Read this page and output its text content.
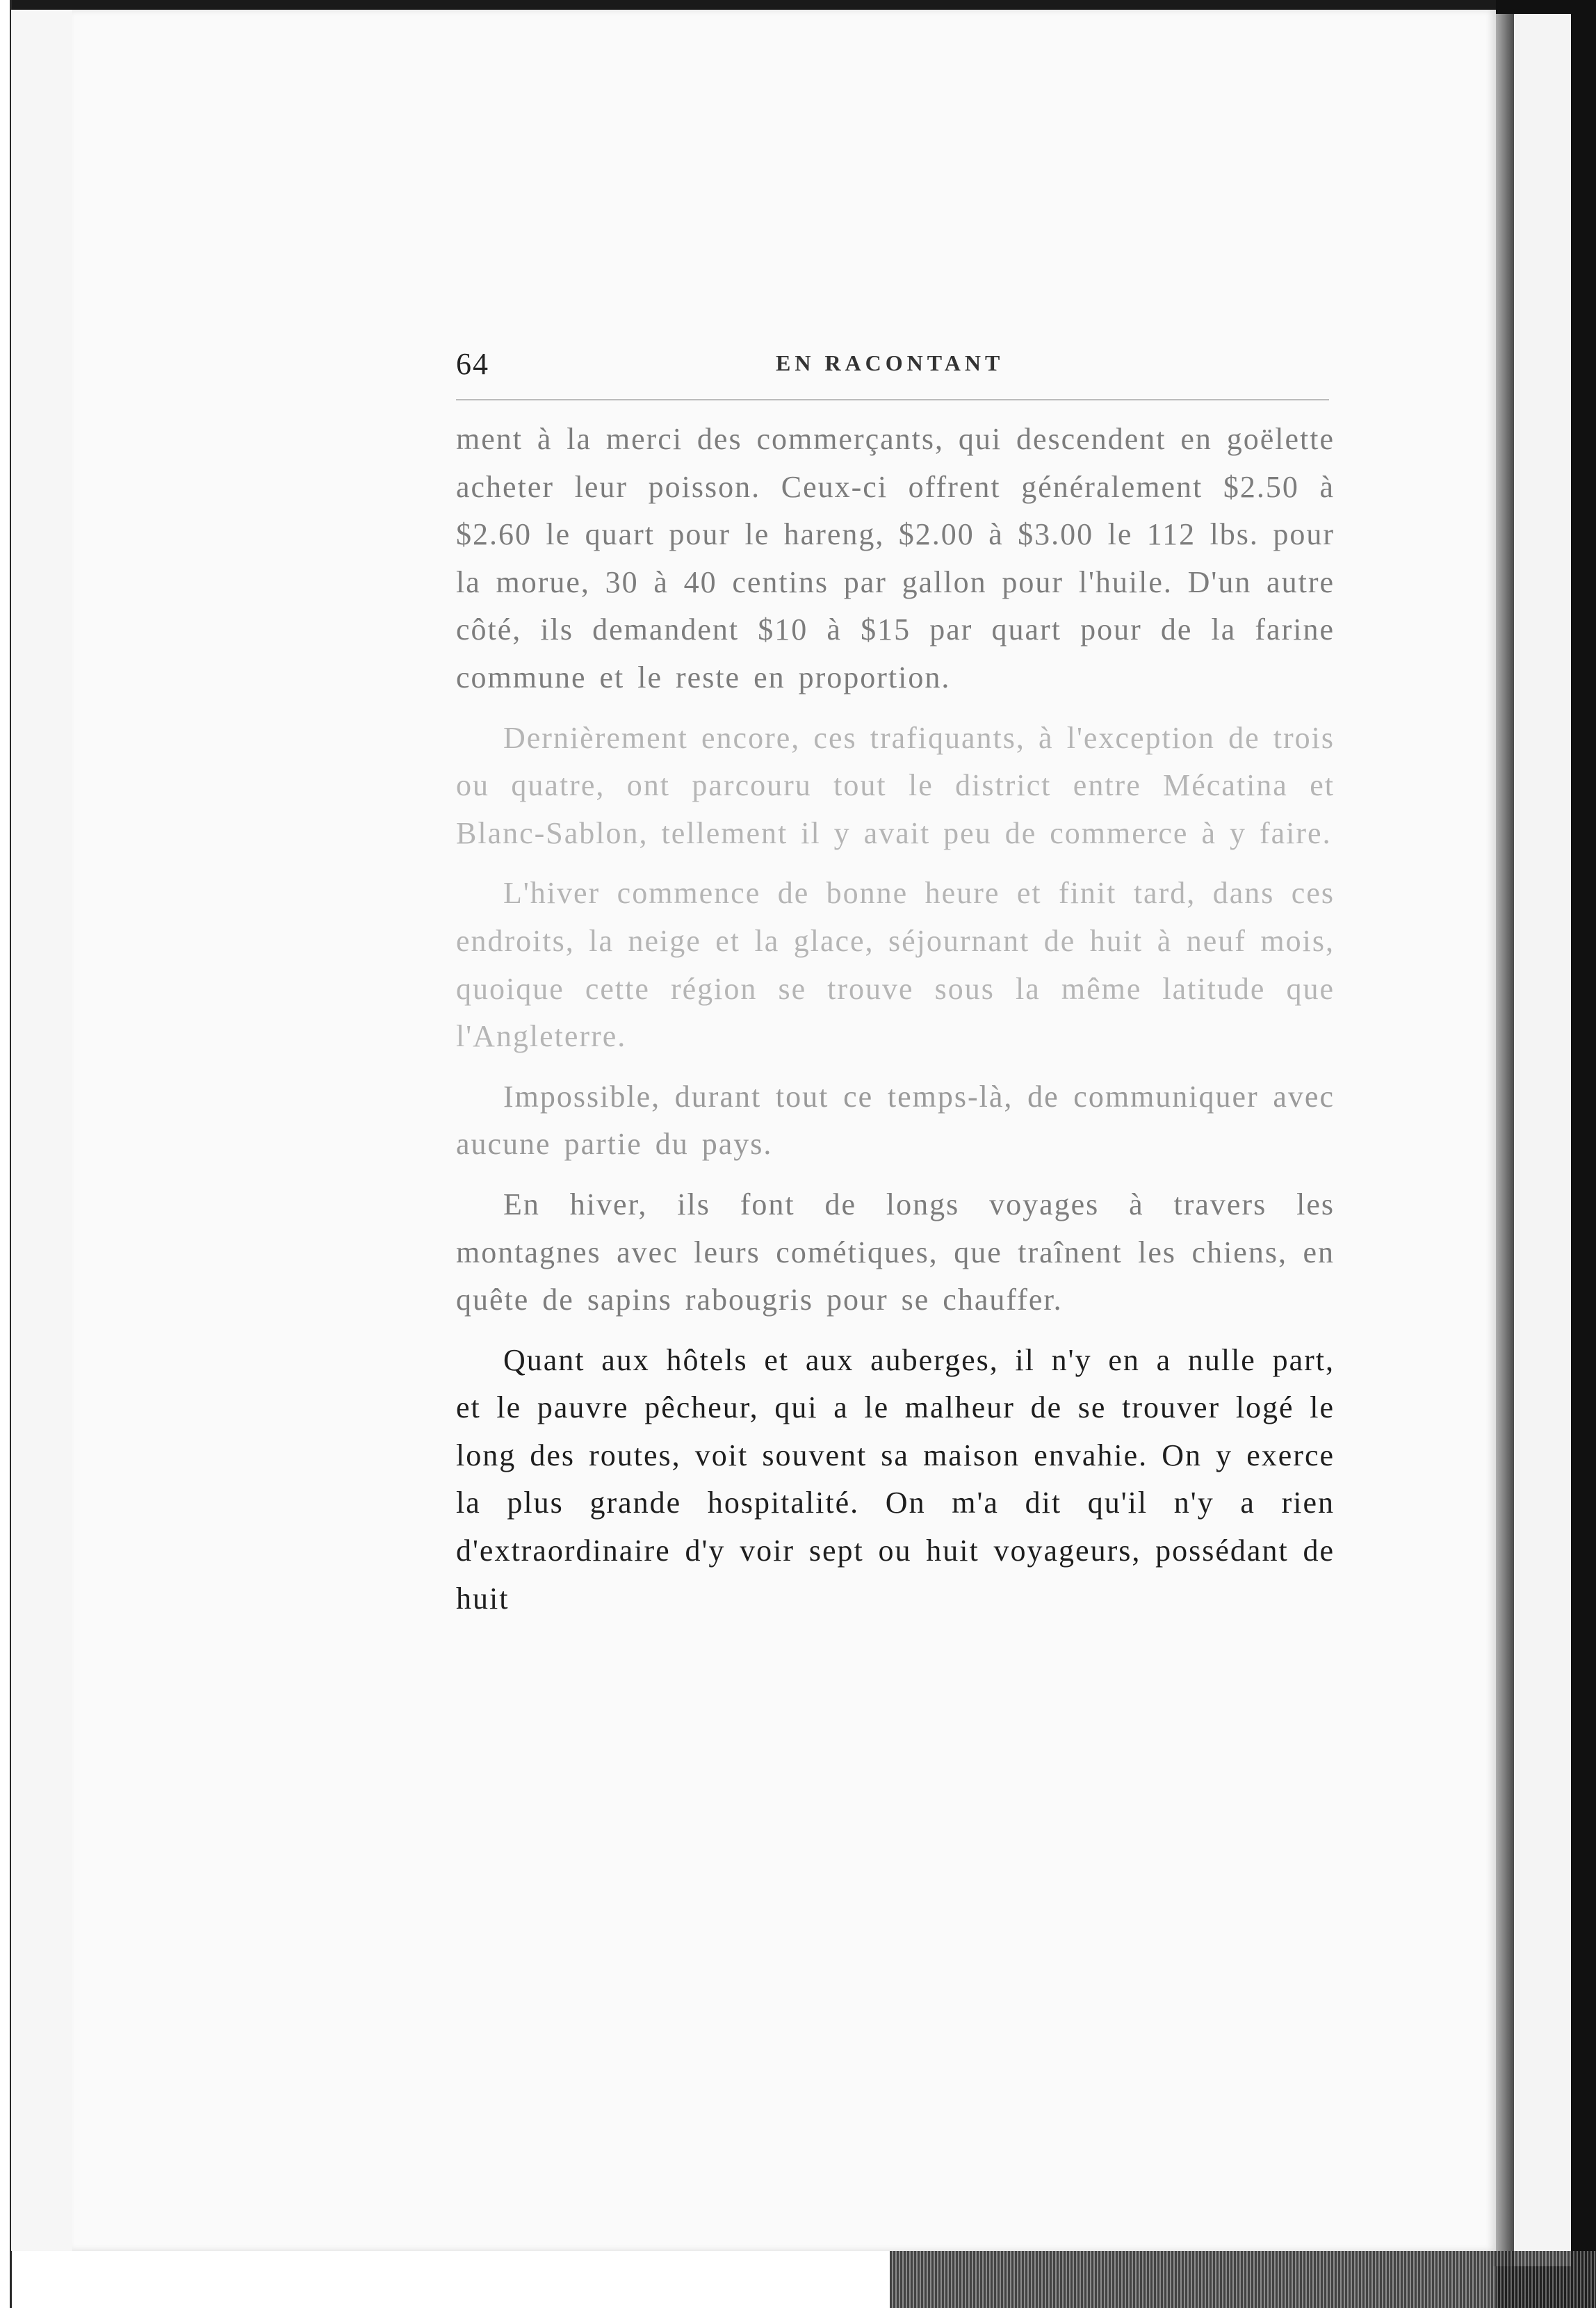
64	EN RACONTANT

ment à la merci des commerçants, qui descendent en goëlette acheter leur poisson. Ceux-ci offrent généralement $2.50 à $2.60 le quart pour le hareng, $2.00 à $3.00 le 112 lbs. pour la morue, 30 à 40 centins par gallon pour l'huile. D'un autre côté, ils demandent $10 à $15 par quart pour de la farine commune et le reste en proportion.

Dernièrement encore, ces trafiquants, à l'exception de trois ou quatre, ont parcouru tout le district entre Mécatina et Blanc-Sablon, tellement il y avait peu de commerce à y faire.

L'hiver commence de bonne heure et finit tard, dans ces endroits, la neige et la glace, séjournant de huit à neuf mois, quoique cette région se trouve sous la même latitude que l'Angleterre.

Impossible, durant tout ce temps-là, de communiquer avec aucune partie du pays.

En hiver, ils font de longs voyages à travers les montagnes avec leurs cométiques, que traînent les chiens, en quête de sapins rabougris pour se chauffer.

Quant aux hôtels et aux auberges, il n'y en a nulle part, et le pauvre pêcheur, qui a le malheur de se trouver logé le long des routes, voit souvent sa maison envahie. On y exerce la plus grande hospitalité. On m'a dit qu'il n'y a rien d'extraordinaire d'y voir sept ou huit voyageurs, possédant de huit
